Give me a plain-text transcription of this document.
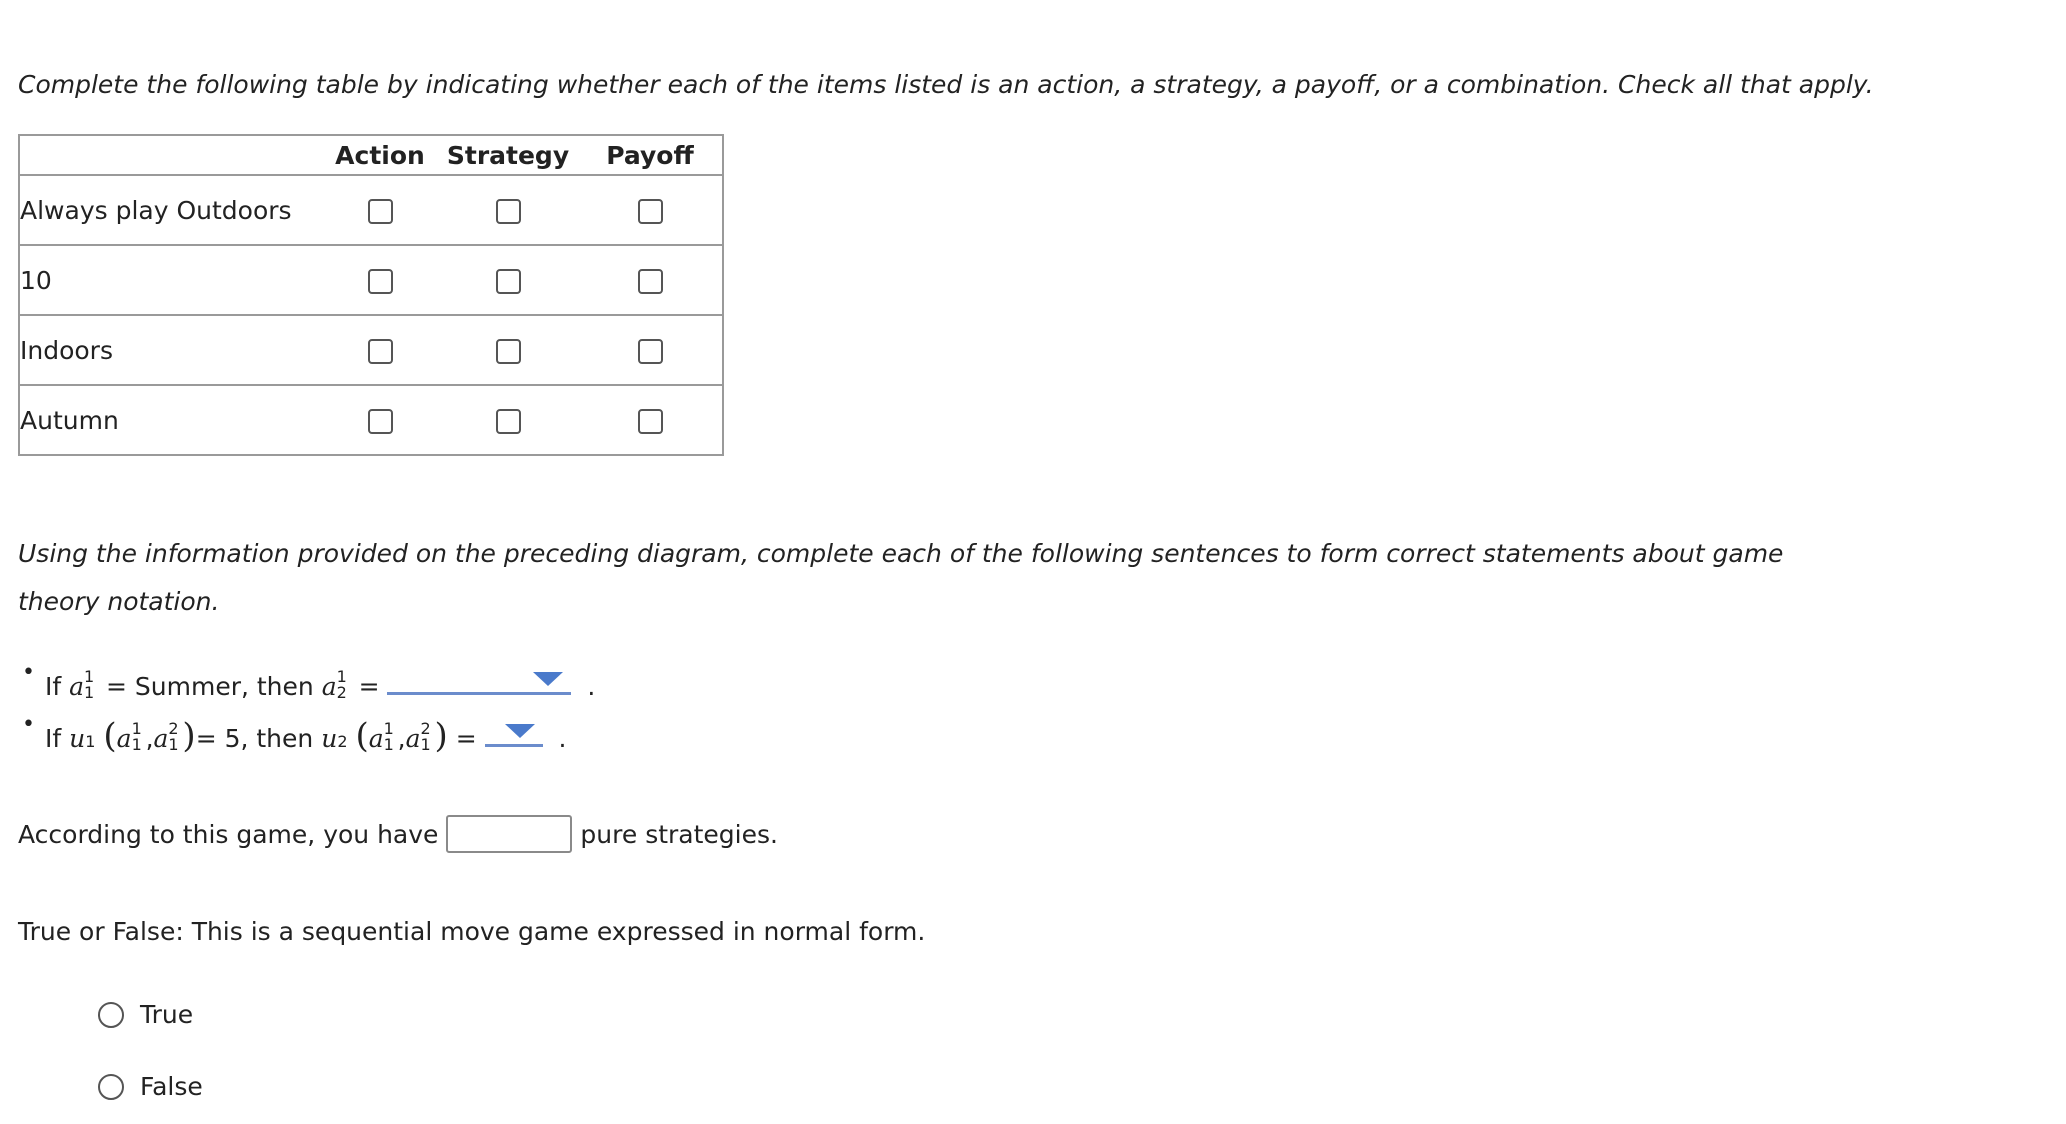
Complete the following table by indicating whether each of the items listed is an action, a strategy, a payoff, or a combination. Check all that apply.
	Action	Strategy	Payoff
Always play Outdoors			
10			
Indoors			
Autumn			
Using the information provided on the preceding diagram, complete each of the following sentences to form correct statements about game theory notation.
• If
a 1
1
= Summer, then
a 1
2
=

	.
• If
u 1
( a 1
1 , a 2
1 ) = 5, then
u 2
( a 1
1 , a 2
1 )
=

	.
According to this game, you have	pure strategies.
True or False: This is a sequential move game expressed in normal form.
True
False
